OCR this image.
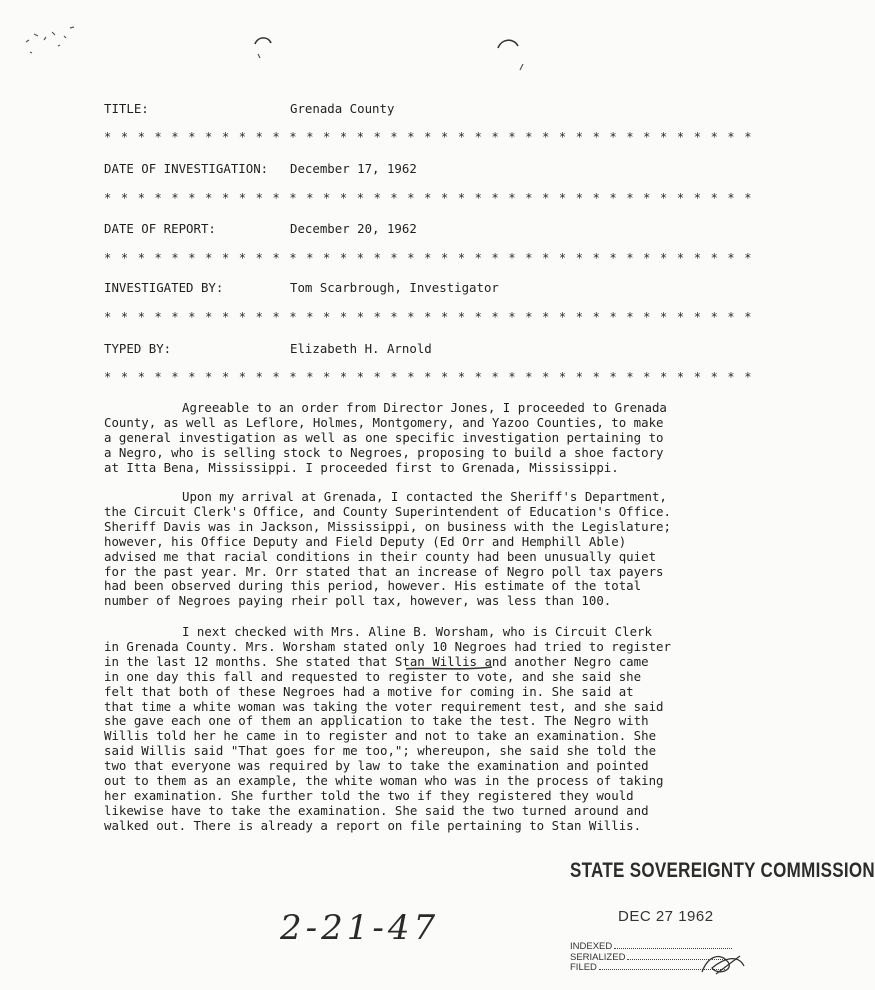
TITLE:	Grenada County
* * * * * * * * * * * * * * * * * * * * * * * * * * * * * * * * * * * * * * *
DATE OF INVESTIGATION: December 17, 1962
* * * * * * * * * * * * * * * * * * * * * * * * * * * * * * * * * * * * * * *
DATE OF REPORT:	December 20, 1962
* * * * * * * * * * * * * * * * * * * * * * * * * * * * * * * * * * * * * * *
INVESTIGATED BY:	Tom Scarbrough, Investigator
* * * * * * * * * * * * * * * * * * * * * * * * * * * * * * * * * * * * * * *
TYPED BY:	Elizabeth H. Arnold
* * * * * * * * * * * * * * * * * * * * * * * * * * * * * * * * * * * * * * *
Agreeable to an order from Director Jones, I proceeded to Grenada
County, as well as Leflore, Holmes, Montgomery, and Yazoo Counties, to make
a general investigation as well as one specific investigation pertaining to
a Negro, who is selling stock to Negroes, proposing to build a shoe factory
at Itta Bena, Mississippi. I proceeded first to Grenada, Mississippi.
Upon my arrival at Grenada, I contacted the Sheriff's Department,
the Circuit Clerk's Office, and County Superintendent of Education's Office.
Sheriff Davis was in Jackson, Mississippi, on business with the Legislature;
however, his Office Deputy and Field Deputy (Ed Orr and Hemphill Able)
advised me that racial conditions in their county had been unusually quiet
for the past year. Mr. Orr stated that an increase of Negro poll tax payers
had been observed during this period, however. His estimate of the total
number of Negroes paying rheir poll tax, however, was less than 100.
I next checked with Mrs. Aline B. Worsham, who is Circuit Clerk
in Grenada County. Mrs. Worsham stated only 10 Negroes had tried to register
in the last 12 months. She stated that Stan Willis and another Negro came
in one day this fall and requested to register to vote, and she said she
felt that both of these Negroes had a motive for coming in. She said at
that time a white woman was taking the voter requirement test, and she said
she gave each one of them an application to take the test. The Negro with
Willis told her he came in to register and not to take an examination. She
said Willis said "That goes for me too,"; whereupon, she said she told the
two that everyone was required by law to take the examination and pointed
out to them as an example, the white woman who was in the process of taking
her examination. She further told the two if they registered they would
likewise have to take the examination. She said the two turned around and
walked out. There is already a report on file pertaining to Stan Willis.
STATE SOVEREIGNTY COMMISSION
DEC 27 1962
INDEXED
SERIALIZED
FILED
2-21-47
